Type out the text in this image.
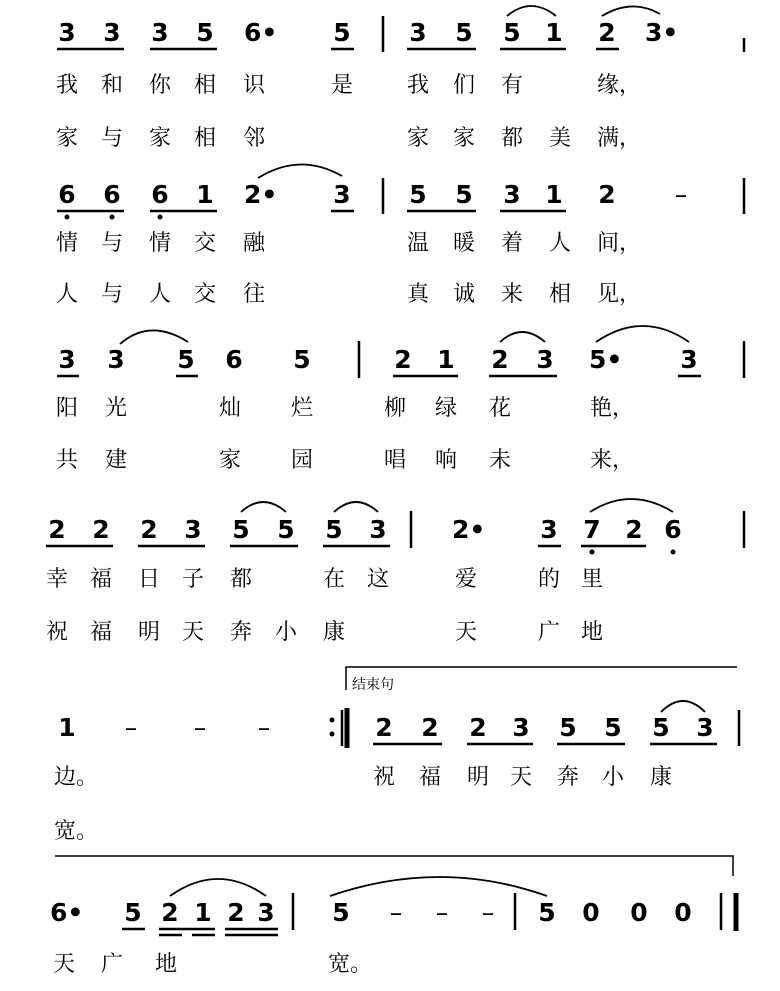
3 3 3 5 6• 5 3 5 5 1 2 3•
我 和 你 相 识	是 我 们 有	缘，
家 与 家 相 邻	家 家 都 美 满，
6 6 6 1 2• 3 5 5 3 1 2 –
情 与 情 交 融	温 暖 着 人 间，
人 与 人 交 往	真 诚 来 相 见，
3 3 5 6 5	2 1 2 3 5• 3
阳 光	灿 烂	柳 绿 花	艳，
共 建	家 园	唱 响 未	来，
2 2 2 3 5 5 5 3	2• 3 7 2 6
幸 福 日 子 都	在 这	爱	的 里
祝 福 明 天 奔 小 康	天	广 地
结束句
1 – – –	2 2 2 3 5 5 5 3
边。	祝 福 明 天 奔 小 康
宽。
6• 5 2 1 2 3 5 – – – 5 0 0 0
天 广 地	宽。
